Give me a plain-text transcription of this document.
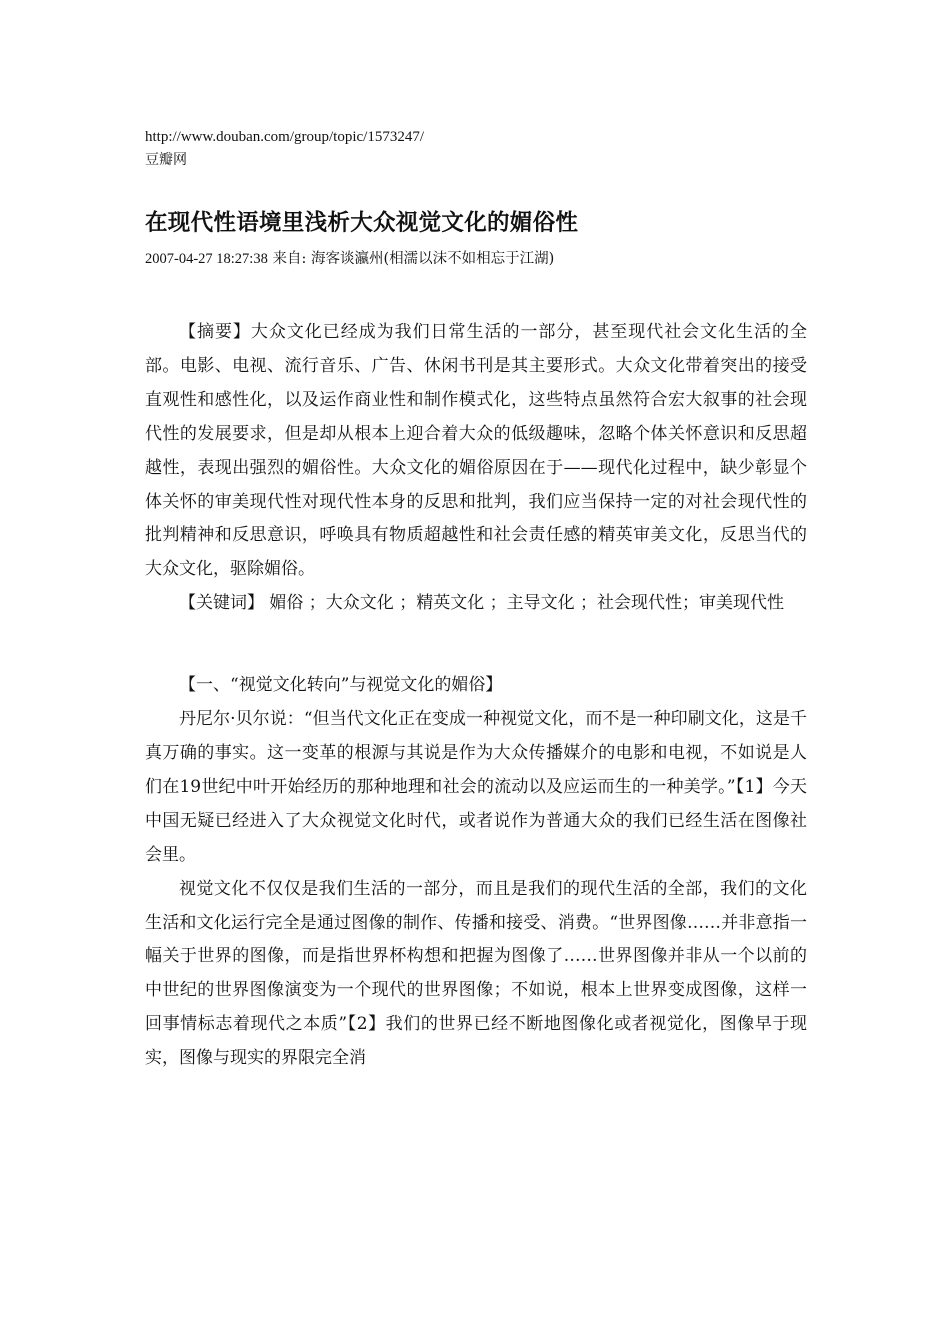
http://www.douban.com/group/topic/1573247/
豆瓣网
在现代性语境里浅析大众视觉文化的媚俗性
2007-04-27 18:27:38 来自: 海客谈瀛州(相濡以沫不如相忘于江湖)

【摘要】大众文化已经成为我们日常生活的一部分，甚至现代社会文化生活的全部。电影、电视、流行音乐、广告、休闲书刊是其主要形式。大众文化带着突出的接受直观性和感性化，以及运作商业性和制作模式化，这些特点虽然符合宏大叙事的社会现代性的发展要求，但是却从根本上迎合着大众的低级趣味，忽略个体关怀意识和反思超越性，表现出强烈的媚俗性。大众文化的媚俗原因在于——现代化过程中，缺少彰显个体关怀的审美现代性对现代性本身的反思和批判，我们应当保持一定的对社会现代性的批判精神和反思意识，呼唤具有物质超越性和社会责任感的精英审美文化，反思当代的大众文化，驱除媚俗。

【关键词】 媚俗 ；大众文化 ；精英文化 ；主导文化 ；社会现代性；审美现代性

【一、“视觉文化转向”与视觉文化的媚俗】

丹尼尔·贝尔说：“但当代文化正在变成一种视觉文化，而不是一种印刷文化，这是千真万确的事实。这一变革的根源与其说是作为大众传播媒介的电影和电视，不如说是人们在19世纪中叶开始经历的那种地理和社会的流动以及应运而生的一种美学。”【1】今天中国无疑已经进入了大众视觉文化时代，或者说作为普通大众的我们已经生活在图像社会里。

视觉文化不仅仅是我们生活的一部分，而且是我们的现代生活的全部，我们的文化生活和文化运行完全是通过图像的制作、传播和接受、消费。“世界图像……并非意指一幅关于世界的图像，而是指世界杯构想和把握为图像了……世界图像并非从一个以前的中世纪的世界图像演变为一个现代的世界图像；不如说，根本上世界变成图像，这样一回事情标志着现代之本质”【2】我们的世界已经不断地图像化或者视觉化，图像早于现实，图像与现实的界限完全消
